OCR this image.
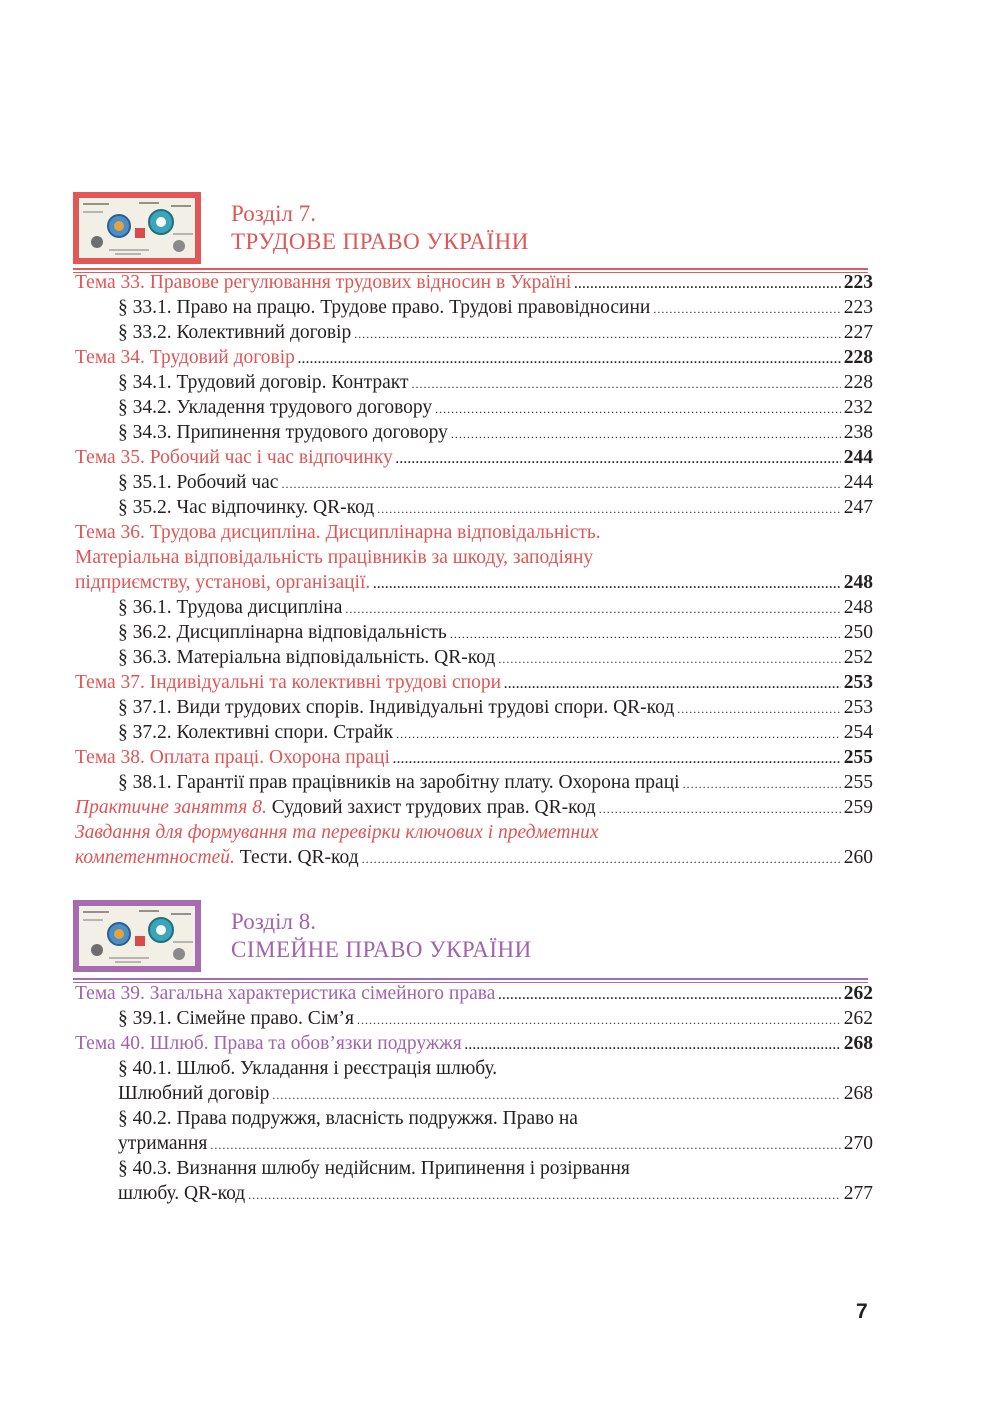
Розділ 7.
ТРУДОВЕ ПРАВО УКРАЇНИ
Тема 33. Правове регулювання трудових відносин в Україні .....	223
§ 33.1. Право на працю. Трудове право. Трудові правовідносини .....	223
§ 33.2. Колективний договір .....	227
Тема 34. Трудовий договір .....	228
§ 34.1. Трудовий договір. Контракт .....	228
§ 34.2. Укладення трудового договору .....	232
§ 34.3. Припинення трудового договору .....	238
Тема 35. Робочий час і час відпочинку .....	244
§ 35.1. Робочий час .....	244
§ 35.2. Час відпочинку. QR-код .....	247
Тема 36. Трудова дисципліна. Дисциплінарна відповідальність.
Матеріальна відповідальність працівників за шкоду, заподіяну
підприємству, установі, організації. .....	248
§ 36.1. Трудова дисципліна .....	248
§ 36.2. Дисциплінарна відповідальність .....	250
§ 36.3. Матеріальна відповідальність. QR-код .....	252
Тема 37. Індивідуальні та колективні трудові спори .....	253
§ 37.1. Види трудових спорів. Індивідуальні трудові спори. QR-код .....	253
§ 37.2. Колективні спори. Страйк .....	254
Тема 38. Оплата праці. Охорона праці .....	255
§ 38.1. Гарантії прав працівників на заробітну плату. Охорона праці .....	255
Практичне заняття 8. Судовий захист трудових прав. QR-код .....	259
Завдання для формування та перевірки ключових і предметних
компетентностей. Тести. QR-код .....	260
Розділ 8.
СІМЕЙНЕ ПРАВО УКРАЇНИ
Тема 39. Загальна характеристика сімейного права .....	262
§ 39.1. Сімейне право. Сім’я .....	262
Тема 40. Шлюб. Права та обов’язки подружжя .....	268
§ 40.1. Шлюб. Укладання і реєстрація шлюбу.
Шлюбний договір .....	268
§ 40.2. Права подружжя, власність подружжя. Право на
утримання .....	270
§ 40.3. Визнання шлюбу недійсним. Припинення і розірвання
шлюбу. QR-код .....	277
7
